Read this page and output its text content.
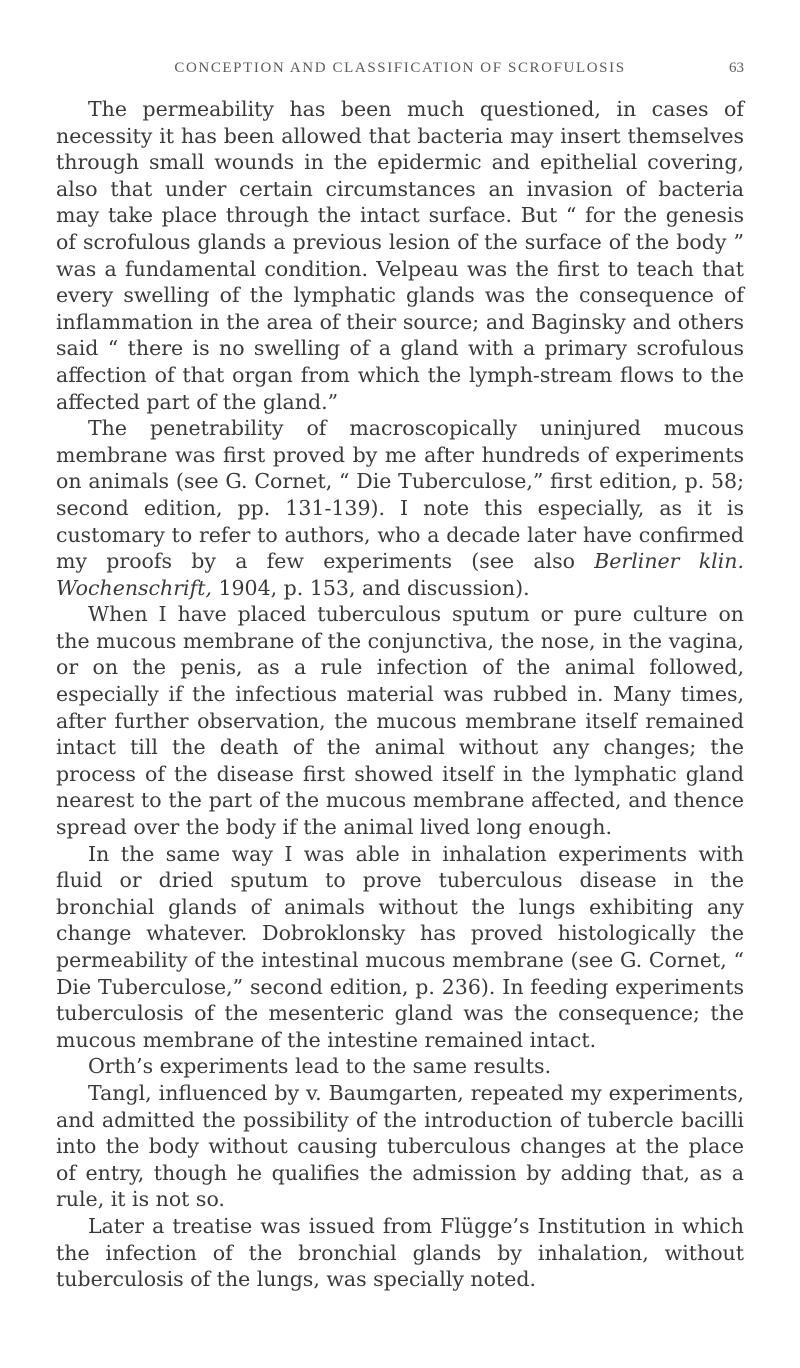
CONCEPTION AND CLASSIFICATION OF SCROFULOSIS	63

The permeability has been much questioned, in cases of necessity it has been allowed that bacteria may insert themselves through small wounds in the epidermic and epithelial covering, also that under certain circumstances an invasion of bacteria may take place through the intact surface. But “ for the genesis of scrofulous glands a previous lesion of the surface of the body ” was a fundamental condition. Velpeau was the first to teach that every swelling of the lymphatic glands was the consequence of inflammation in the area of their source; and Baginsky and others said “ there is no swelling of a gland with a primary scrofulous affection of that organ from which the lymph-stream flows to the affected part of the gland.”

The penetrability of macroscopically uninjured mucous membrane was first proved by me after hundreds of experiments on animals (see G. Cornet, “ Die Tuberculose,” first edition, p. 58; second edition, pp. 131-139). I note this especially, as it is customary to refer to authors, who a decade later have confirmed my proofs by a few experiments (see also Berliner klin. Wochenschrift, 1904, p. 153, and discussion).

When I have placed tuberculous sputum or pure culture on the mucous membrane of the conjunctiva, the nose, in the vagina, or on the penis, as a rule infection of the animal followed, especially if the infectious material was rubbed in. Many times, after further observation, the mucous membrane itself remained intact till the death of the animal without any changes; the process of the disease first showed itself in the lymphatic gland nearest to the part of the mucous membrane affected, and thence spread over the body if the animal lived long enough.

In the same way I was able in inhalation experiments with fluid or dried sputum to prove tuberculous disease in the bronchial glands of animals without the lungs exhibiting any change whatever. Dobroklonsky has proved histologically the permeability of the intestinal mucous membrane (see G. Cornet, “ Die Tuberculose,” second edition, p. 236). In feeding experiments tuberculosis of the mesenteric gland was the consequence; the mucous membrane of the intestine remained intact.

Orth’s experiments lead to the same results.

Tangl, influenced by v. Baumgarten, repeated my experiments, and admitted the possibility of the introduction of tubercle bacilli into the body without causing tuberculous changes at the place of entry, though he qualifies the admission by adding that, as a rule, it is not so.

Later a treatise was issued from Flügge’s Institution in which the infection of the bronchial glands by inhalation, without tuberculosis of the lungs, was specially noted.
